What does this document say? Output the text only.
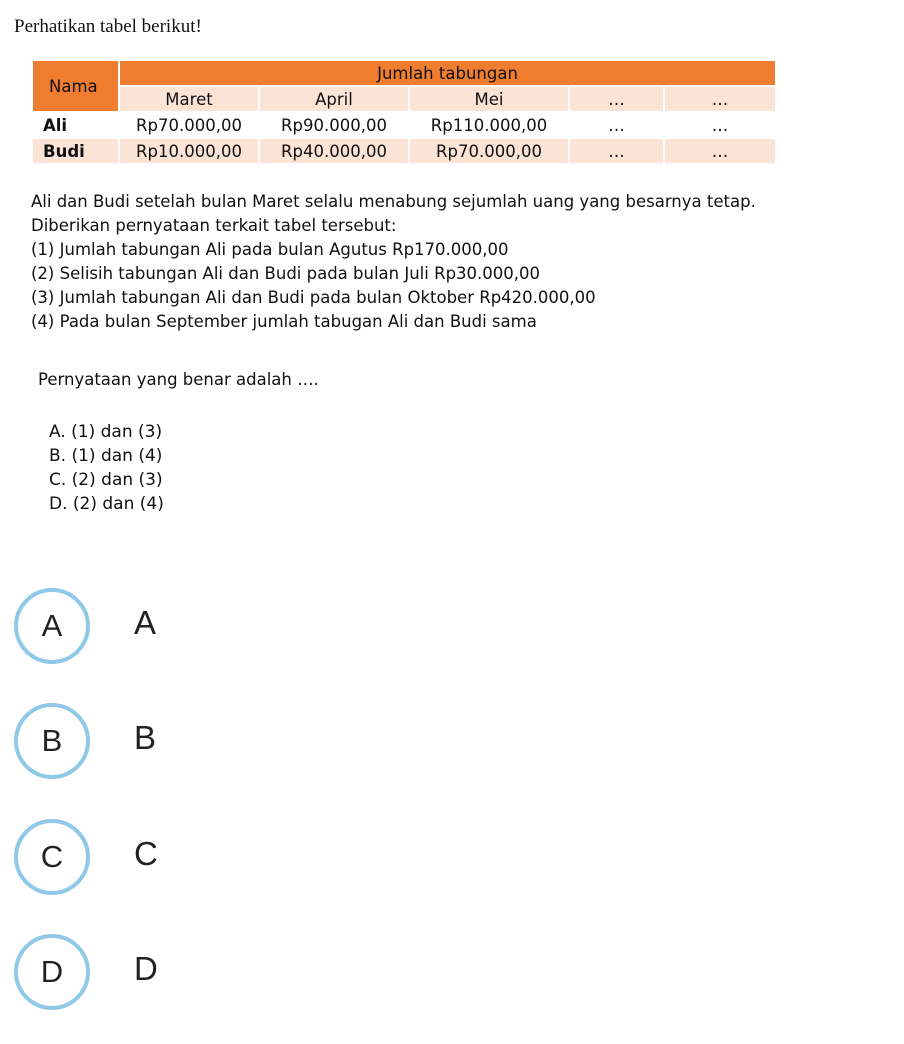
Perhatikan tabel berikut!
Nama	Jumlah tabungan				
	Maret	April	Mei	…	…
Ali	Rp70.000,00	Rp90.000,00	Rp110.000,00	…	…
Budi	Rp10.000,00	Rp40.000,00	Rp70.000,00	…	…
Ali dan Budi setelah bulan Maret selalu menabung sejumlah uang yang besarnya tetap.
Diberikan pernyataan terkait tabel tersebut:
(1) Jumlah tabungan Ali pada bulan Agutus Rp170.000,00
(2) Selisih tabungan Ali dan Budi pada bulan Juli Rp30.000,00
(3) Jumlah tabungan Ali dan Budi pada bulan Oktober Rp420.000,00
(4) Pada bulan September jumlah tabugan Ali dan Budi sama
Pernyataan yang benar adalah ….
A. (1) dan (3)
B. (1) dan (4)
C. (2) dan (3)
D. (2) dan (4)
A	A
B	B
C	C
D	D
